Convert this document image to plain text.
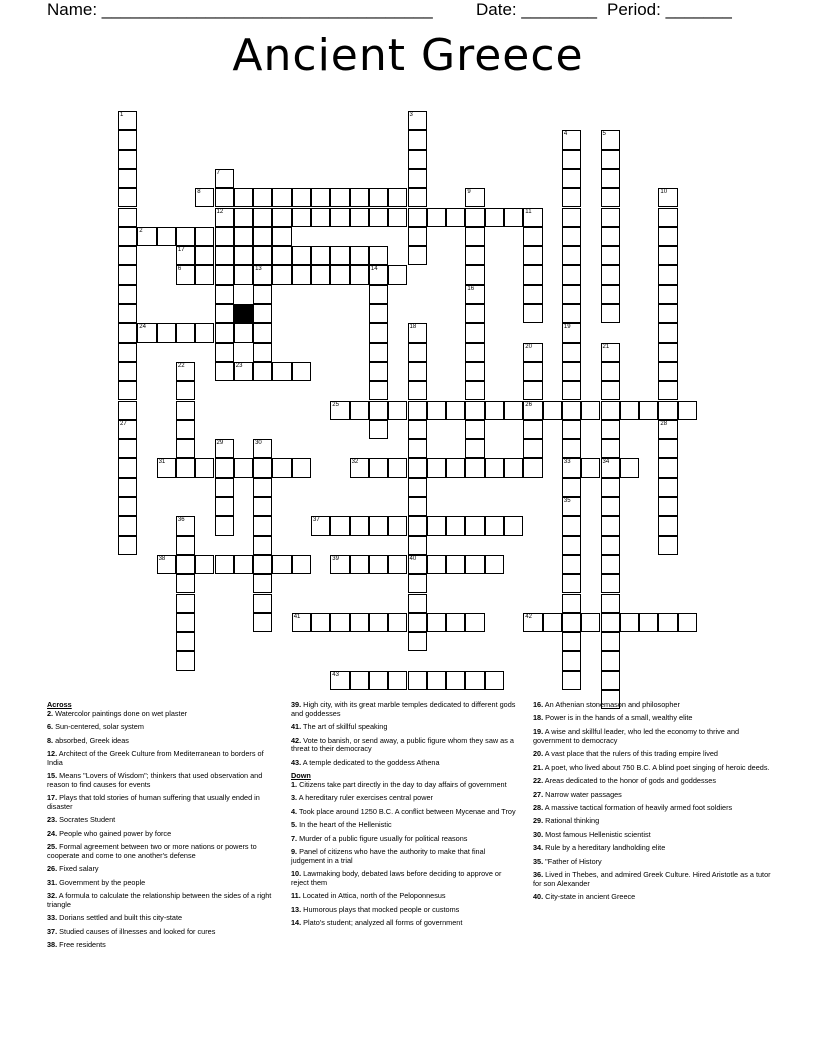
Name: ___________________________________	Date: ________ Period: _______
Ancient Greece
2
6	13	14
8
12
17
23
24
25	26
31	32	33	34
37
38	39	40
41	42
43
1
27
3
4	5
7
9
16
10
28
11
18	19
35
20	21
22
29	30
36
Across
2. Watercolor paintings done on wet plaster
6. Sun-centered, solar system
8. absorbed, Greek ideas
12. Architect of the Greek Culture from Mediterranean to borders of India
15. Means "Lovers of Wisdom"; thinkers that used observation and reason to find causes for events
17. Plays that told stories of human suffering that usually ended in disaster
23. Socrates Student
24. People who gained power by force
25. Formal agreement between two or more nations or powers to cooperate and come to one another's defense
26. Fixed salary
31. Government by the people
32. A formula to calculate the relationship between the sides of a right triangle
33. Dorians settled and built this city-state
37. Studied causes of illnesses and looked for cures
38. Free residents
39. High city, with its great marble temples dedicated to different gods and goddesses
41. The art of skillful speaking
42. Vote to banish, or send away, a public figure whom they saw as a threat to their democracy
43. A temple dedicated to the goddess Athena
Down
1. Citizens take part directly in the day to day affairs of government
3. A hereditary ruler exercises central power
4. Took place around 1250 B.C. A conflict between Mycenae and Troy
5. In the heart of the Hellenistic
7. Murder of a public figure usually for political reasons
9. Panel of citizens who have the authority to make that final judgement in a trial
10. Lawmaking body, debated laws before deciding to approve or reject them
11. Located in Attica, north of the Peloponnesus
13. Humorous plays that mocked people or customs
14. Plato's student; analyzed all forms of government
16. An Athenian stonemason and philosopher
18. Power is in the hands of a small, wealthy elite
19. A wise and skillful leader, who led the economy to thrive and government to democracy
20. A vast place that the rulers of this trading empire lived
21. A poet, who lived about 750 B.C. A blind poet singing of heroic deeds.
22. Areas dedicated to the honor of gods and goddesses
27. Narrow water passages
28. A massive tactical formation of heavily armed foot soldiers
29. Rational thinking
30. Most famous Hellenistic scientist
34. Rule by a hereditary landholding elite
35. "Father of History
36. Lived in Thebes, and admired Greek Culture. Hired Aristotle as a tutor for son Alexander
40. City-state in ancient Greece
